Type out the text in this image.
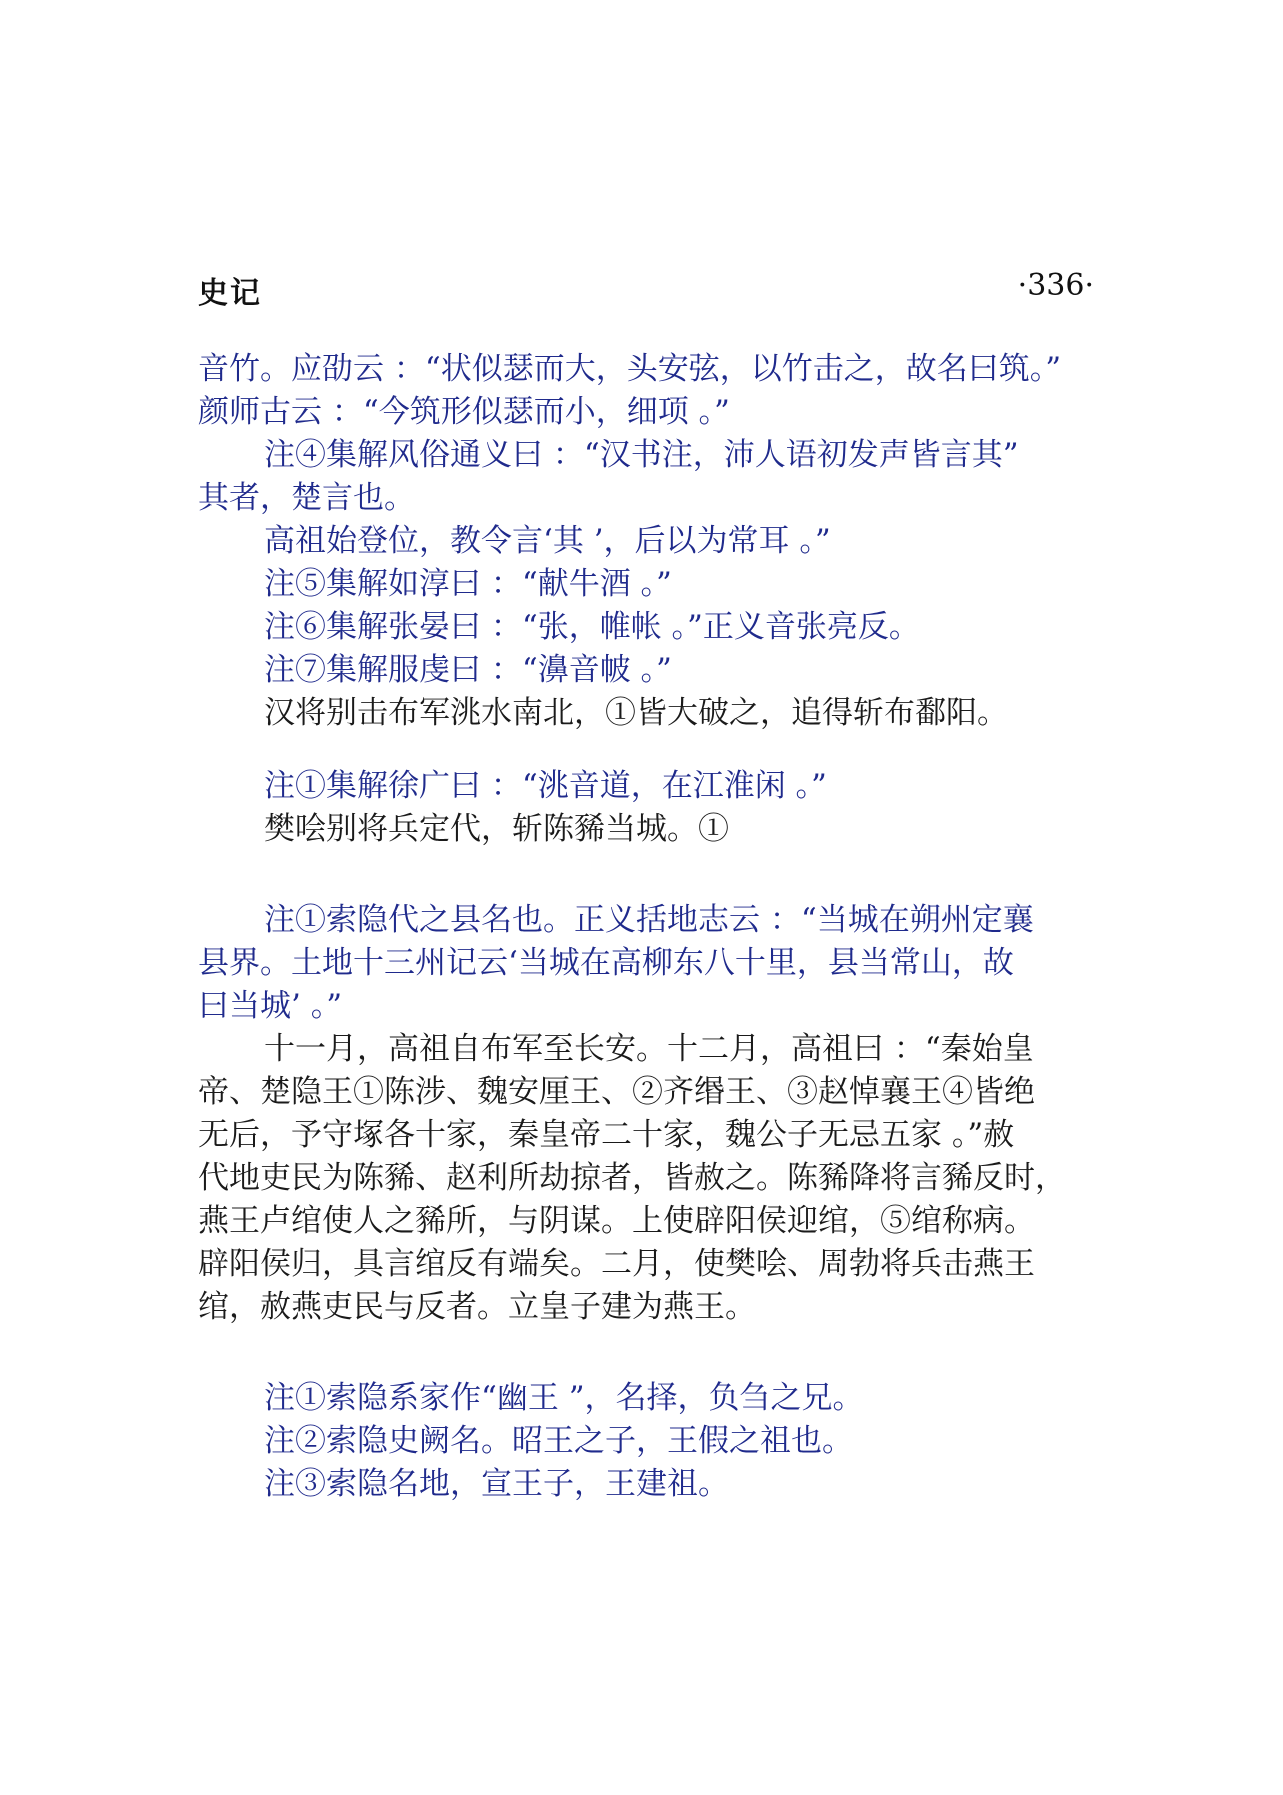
史记	·336·
音竹。应劭云 ：“状似瑟而大，头安弦，以竹击之，故名曰筑。”
颜师古云 ：“今筑形似瑟而小，细项 。”
注④集解风俗通义曰 ：“汉书注，沛人语初发声皆言其”
其者，楚言也。
高祖始登位，教令言‘其 ’，后以为常耳 。”
注⑤集解如淳曰 ：“献牛酒 。”
注⑥集解张晏曰 ：“张，帷帐 。”正义音张亮反。
注⑦集解服虔曰 ：“濞音帔 。”
汉将别击布军洮水南北，①皆大破之，追得斩布鄱阳。
注①集解徐广曰 ：“洮音道，在江淮闲 。”
樊哙别将兵定代，斩陈豨当城。①
注①索隐代之县名也。正义括地志云 ：“当城在朔州定襄
县界。土地十三州记云‘当城在高柳东八十里，县当常山，故
曰当城’ 。”
十一月，高祖自布军至长安。十二月，高祖曰 ：“秦始皇
帝、楚隐王①陈涉、魏安厘王、②齐缗王、③赵悼襄王④皆绝
无后，予守塚各十家，秦皇帝二十家，魏公子无忌五家 。”赦
代地吏民为陈豨、赵利所劫掠者，皆赦之。陈豨降将言豨反时，
燕王卢绾使人之豨所，与阴谋。上使辟阳侯迎绾，⑤绾称病。
辟阳侯归，具言绾反有端矣。二月，使樊哙、周勃将兵击燕王
绾，赦燕吏民与反者。立皇子建为燕王。
注①索隐系家作“幽王 ”，名择，负刍之兄。
注②索隐史阙名。昭王之子，王假之祖也。
注③索隐名地，宣王子，王建祖。
